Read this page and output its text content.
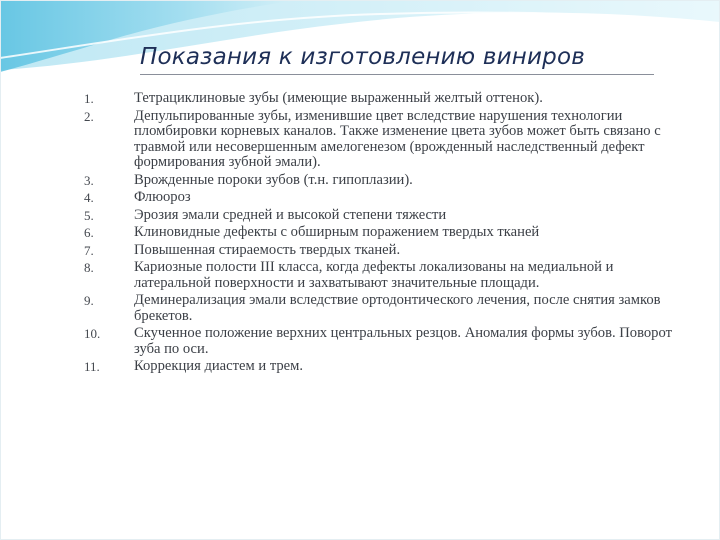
Показания к изготовлению виниров
1.	Тетрациклиновые зубы (имеющие выраженный желтый оттенок).
2.	Депульпированные зубы, изменившие цвет вследствие нарушения технологии пломбировки корневых каналов. Также изменение цвета зубов может быть связано с травмой или несовершенным амелогенезом (врожденный наследственный дефект формирования зубной эмали).
3.	Врожденные пороки зубов (т.н. гипоплазии).
4.	Флюороз
5.	Эрозия эмали средней и высокой степени тяжести
6.	Клиновидные дефекты с обширным поражением твердых тканей
7.	Повышенная стираемость твердых тканей.
8.	Кариозные полости III класса, когда дефекты локализованы на медиальной и латеральной поверхности и захватывают значительные площади.
9.	Деминерализация эмали вследствие ортодонтического лечения, после снятия замков брекетов.
10.	Скученное положение верхних центральных резцов. Аномалия формы зубов. Поворот зуба по оси.
11.	Коррекция диастем и трем.
